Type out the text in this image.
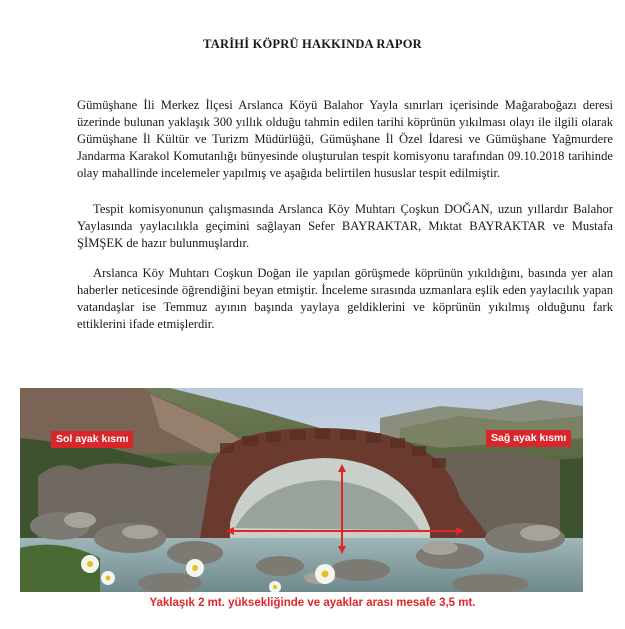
TARİHİ KÖPRÜ HAKKINDA RAPOR

Gümüşhane İli Merkez İlçesi Arslanca Köyü Balahor Yayla sınırları içerisinde Mağaraboğazı deresi üzerinde bulunan yaklaşık 300 yıllık olduğu tahmin edilen tarihi köprünün yıkılması olayı ile ilgili olarak Gümüşhane İl Kültür ve Turizm Müdürlüğü, Gümüşhane İl Özel İdaresi ve Gümüşhane Yağmurdere Jandarma Karakol Komutanlığı bünyesinde oluşturulan tespit komisyonu tarafından 09.10.2018 tarihinde olay mahallinde incelemeler yapılmış ve aşağıda belirtilen hususlar tespit edilmiştir.

Tespit komisyonunun çalışmasında Arslanca Köy Muhtarı Çoşkun DOĞAN, uzun yıllardır Balahor Yaylasında yaylacılıkla geçimini sağlayan Sefer BAYRAKTAR, Mıktat BAYRAKTAR ve Mustafa ŞİMŞEK de hazır bulunmuşlardır.

Arslanca Köy Muhtarı Coşkun Doğan ile yapılan görüşmede köprünün yıkıldığını, basında yer alan haberler neticesinde öğrendiğini beyan etmiştir. İnceleme sırasında uzmanlara eşlik eden yaylacılık yapan vatandaşlar ise Temmuz ayının başında yaylaya geldiklerini ve köprünün yıkılmış olduğunu fark ettiklerini ifade etmişlerdir.

Sol ayak kısmı	Sağ ayak kısmı
Yaklaşık 2 mt. yüksekliğinde ve ayaklar arası mesafe 3,5 mt.
